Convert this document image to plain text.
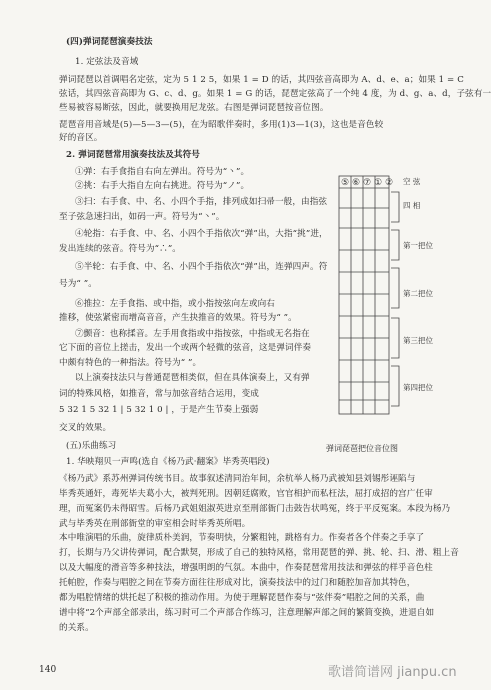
(四)弹词琵琶演奏技法
1. 定弦法及音域
弹词琵琶以首调唱名定弦，定为 5 1 2 5，如果 1 = D 的话，其四弦音高即为 A、d、e、a；如果 1 = C
弦话，其四弦音高即为 G、c、d、g。如果 1 = G 的话，琵琶定弦高了一个纯 4 度，为 d、g、a、d，子弦有一
些易被容易断弦，因此，就要换用尼龙弦。右图是弹词琵琶按音位图。
琵琶音用音域是(5)—5—3—(5)，在为昭歌伴奏时，多用(1)3—1(3)，这也是音色较
好的音区。
2. 弹词琵琶常用演奏技法及其符号
①弹：右手食指自右向左弹出。符号为“丶”。
②挑：右手大指自左向右挑进。符号为“ノ”。
③扫：右手食、中、名、小四个手指，排列成如扫帚一般，由指弦
至子弦急速扫出，如码一声。符号为“丶”。
④轮指：右手食、中、名、小四个手指依次“弹”出，大指“挑”进，
发出连续的弦音。符号为“∴”。
⑤半轮：右手食、中、名、小四个手指依次“弹”出，连弹四声。符
号为“ ”。
⑥推拉：左手食指、或中指，或小指按弦向左或向右
推移，使弦紧密而增高音音，产生抉推音的效果。符号为“ ”。
⑦颤音：也称揉音。左手用食指或中指按弦，中指或无名指在
它下面的音位上搓击，发出一个或两个轻微的弦音，这是弹词伴奏
中颇有特色的一种指法。符号为“ ”。
以上演奏技法只与普通琵琶相类似，但在具体演奏上，又有弹
词的特殊风格，如推音，常与加弦音结合运用，变成
5 32 1 5 32 1 | 5 32 1 0 | ，于是产生节奏上强弱
交叉的效果。
(五)乐曲练习
1. 华映翔贝一声鸣(选自《杨乃武·翻案》毕秀英唱段)
《杨乃武》系苏州弹词传统书目。故事叙述清同治年间，余杭举人杨乃武被知县刘锡彤诬陷与
毕秀英通奸，毒死毕夫葛小大，被判死刑。因朝廷腐败，官官相护而私枉法，屈打成招的宫广任审
理，而冤案仍未得昭雪。后杨乃武姐姐淑英进京至刑部衙门击鼓告状鸣冤，终于平反冤案。本段为杨乃
武与毕秀英在刑部衙堂的审室相会时毕秀英所唱。
本中唯演唱的乐曲，旋律质朴美润，节奏明快，分繁粗钝，跳格有力。作奏者各个伴奏之手享了
打，长期与乃父讲传弹词，配合默契，形成了自己的独特风格，常用琵琶的弹、挑、轮、扫、滑、粗上音
以及大幅度的滑音等多种技法，增强明朗的气氛。本曲中，作奏琵琶常用技法和弹弦的样乎音色柱
托帕腔，作奏与唱腔之间在节奏方面往往形成对比，演奏技法中的过门和随腔加音加其特色，
都为唱腔情绪的烘托起了积极的推动作用。为使于理解琵琶作奏与“弦伴奏”唱腔之间的关系，曲
谱中将“2个声部全部录出，练习时可二个声部合作练习，注意理解声部之间的繁简变换，进退自如
的关系。
⑤ ⑥ ⑦ ① ② 空 弦
四 相
第一把位
第二把位
第三把位
第四把位
弹词琵琶把位音位图
140	歌谱简谱网 jianpu.cn
